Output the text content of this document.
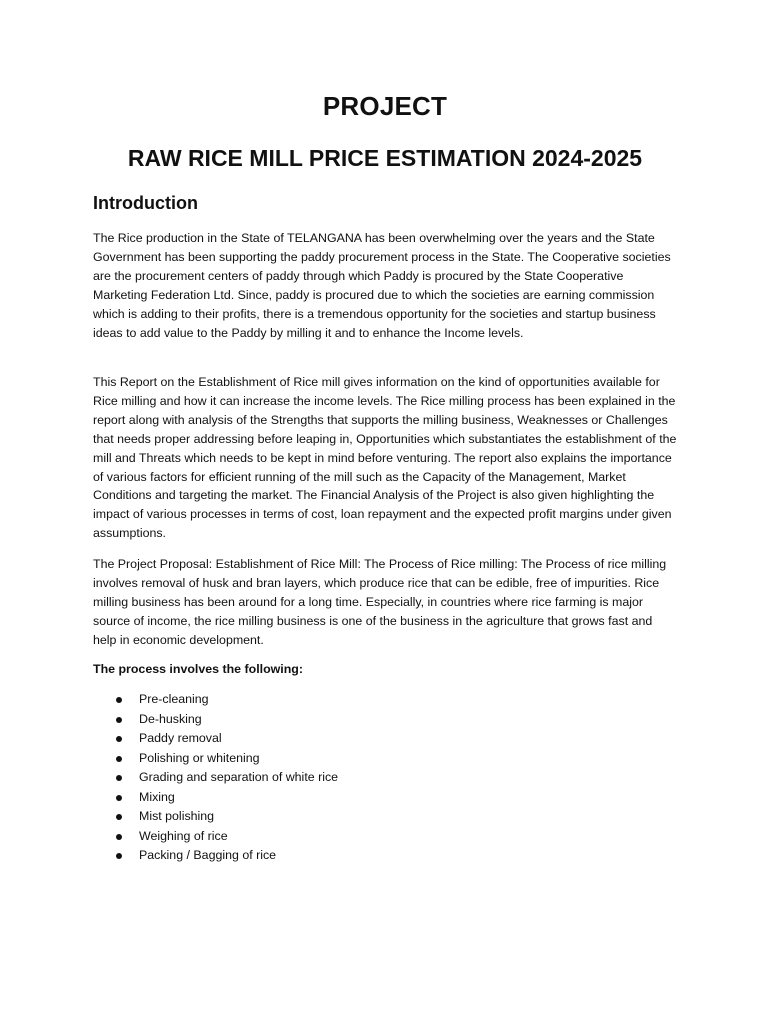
PROJECT
RAW RICE MILL PRICE ESTIMATION 2024-2025
Introduction

The Rice production in the State of TELANGANA has been overwhelming over the years and the State Government has been supporting the paddy procurement process in the State. The Cooperative societies are the procurement centers of paddy through which Paddy is procured by the State Cooperative Marketing Federation Ltd. Since, paddy is procured due to which the societies are earning commission which is adding to their profits, there is a tremendous opportunity for the societies and startup business ideas to add value to the Paddy by milling it and to enhance the Income levels.

This Report on the Establishment of Rice mill gives information on the kind of opportunities available for Rice milling and how it can increase the income levels. The Rice milling process has been explained in the report along with analysis of the Strengths that supports the milling business, Weaknesses or Challenges that needs proper addressing before leaping in, Opportunities which substantiates the establishment of the mill and Threats which needs to be kept in mind before venturing. The report also explains the importance of various factors for efficient running of the mill such as the Capacity of the Management, Market Conditions and targeting the market. The Financial Analysis of the Project is also given highlighting the impact of various processes in terms of cost, loan repayment and the expected profit margins under given assumptions.

The Project Proposal: Establishment of Rice Mill: The Process of Rice milling: The Process of rice milling involves removal of husk and bran layers, which produce rice that can be edible, free of impurities. Rice milling business has been around for a long time. Especially, in countries where rice farming is major source of income, the rice milling business is one of the business in the agriculture that grows fast and help in economic development.

The process involves the following:
Pre-cleaning
De-husking
Paddy removal
Polishing or whitening
Grading and separation of white rice
Mixing
Mist polishing
Weighing of rice
Packing / Bagging of rice
